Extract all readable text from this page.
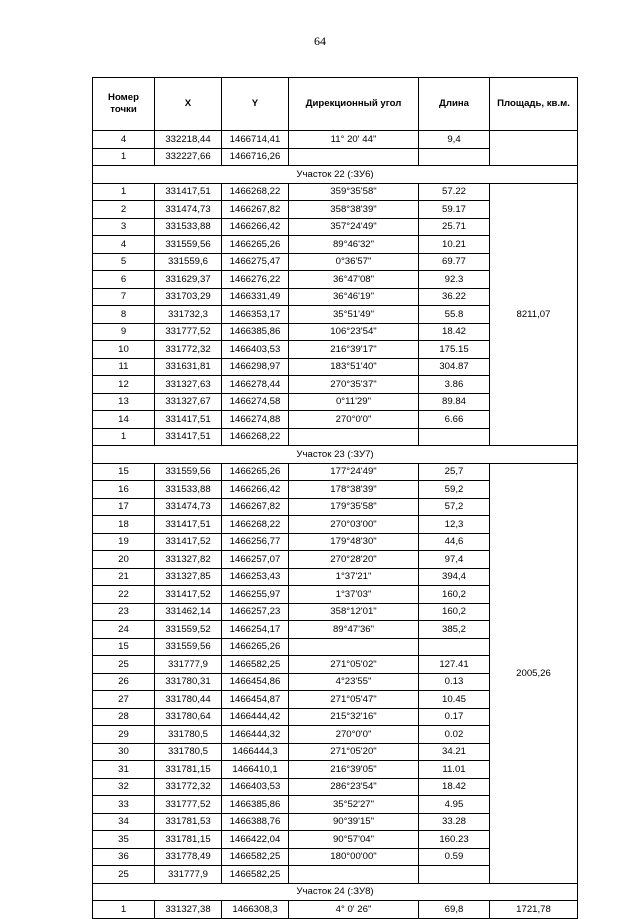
64
Номер точки	X	Y	Дирекционный угол	Длина	Площадь, кв.м.
4	332218,44	1466714,41	11° 20' 44"	9,4	
1	332227,66	1466716,26			
Участок 22 (:ЗУ6)					
1	331417,51	1466268,22	359°35'58"	57.22	8211,07
2	331474,73	1466267,82	358°38'39"	59.17	
3	331533,88	1466266,42	357°24'49"	25.71	
4	331559,56	1466265,26	89°46'32"	10.21	
5	331559,6	1466275,47	0°36'57"	69.77	
6	331629,37	1466276,22	36°47'08"	92.3	
7	331703,29	1466331,49	36°46'19"	36.22	
8	331732,3	1466353,17	35°51'49"	55.8	
9	331777,52	1466385,86	106°23'54"	18.42	
10	331772,32	1466403,53	216°39'17"	175.15	
11	331631,81	1466298,97	183°51'40"	304.87	
12	331327,63	1466278,44	270°35'37"	3.86	
13	331327,67	1466274,58	0°11'29"	89.84	
14	331417,51	1466274,88	270°0'0"	6.66	
1	331417,51	1466268,22			
Участок 23 (:ЗУ7)					
15	331559,56	1466265,26	177°24'49"	25,7	2005,26
16	331533,88	1466266,42	178°38'39"	59,2	
17	331474,73	1466267,82	179°35'58"	57,2	
18	331417,51	1466268,22	270°03'00"	12,3	
19	331417,52	1466256,77	179°48'30"	44,6	
20	331327,82	1466257,07	270°28'20"	97,4	
21	331327,85	1466253,43	1°37'21"	394,4	
22	331417,52	1466255,97	1°37'03"	160,2	
23	331462,14	1466257,23	358°12'01"	160,2	
24	331559,52	1466254,17	89°47'36"	385,2	
15	331559,56	1466265,26			
25	331777,9	1466582,25	271°05'02"	127.41	
26	331780,31	1466454,86	4°23'55"	0.13	
27	331780,44	1466454,87	271°05'47"	10.45	
28	331780,64	1466444,42	215°32'16"	0.17	
29	331780,5	1466444,32	270°0'0"	0.02	
30	331780,5	1466444,3	271°05'20"	34.21	
31	331781,15	1466410,1	216°39'05"	11.01	
32	331772,32	1466403,53	286°23'54"	18.42	
33	331777,52	1466385,86	35°52'27"	4.95	
34	331781,53	1466388,76	90°39'15"	33.28	
35	331781,15	1466422,04	90°57'04"	160.23	
36	331778,49	1466582,25	180°00'00"	0.59	
25	331777,9	1466582,25			
Участок 24 (:ЗУ8)					
1	331327,38	1466308,3	4° 0' 26"	69,8	1721,78
